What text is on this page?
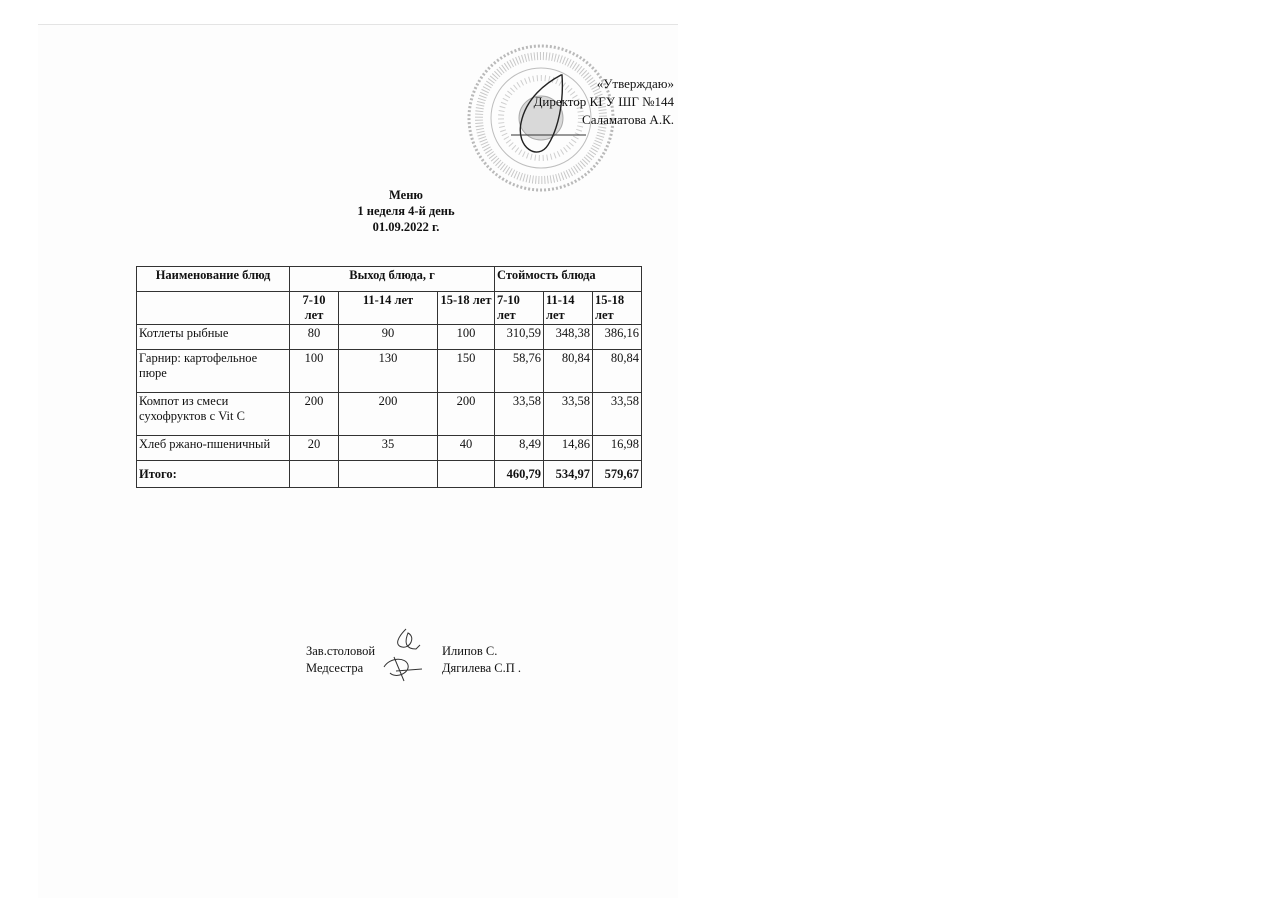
«Утверждаю»
Директор КГУ ШГ №144
Саламатова А.К.
Меню
1 неделя 4-й день
01.09.2022 г.
Наименование блюд	Выход блюда, г			Стоймость блюда		
	7-10 лет	11-14 лет	15-18 лет	7-10 лет	11-14 лет	15-18 лет
Котлеты рыбные	80	90	100	310,59	348,38	386,16
Гарнир: картофельное пюре	100	130	150	58,76	80,84	80,84
Компот из смеси сухофруктов с Vit C	200	200	200	33,58	33,58	33,58
Хлеб ржано-пшеничный	20	35	40	8,49	14,86	16,98
Итого:				460,79	534,97	579,67
Зав.столовой	Илипов С.
Медсестра	Дягилева С.П .
